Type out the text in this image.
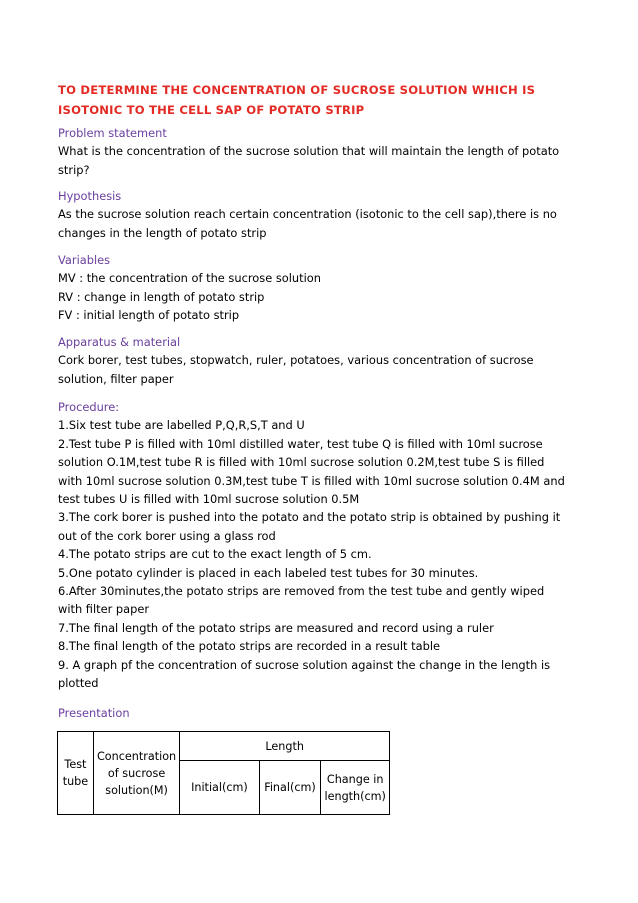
TO DETERMINE THE CONCENTRATION OF SUCROSE SOLUTION WHICH IS
ISOTONIC TO THE CELL SAP OF POTATO STRIP
Problem statement
What is the concentration of the sucrose solution that will maintain the length of potato
strip?
Hypothesis
As the sucrose solution reach certain concentration (isotonic to the cell sap),there is no
changes in the length of potato strip
Variables
MV : the concentration of the sucrose solution
RV : change in length of potato strip
FV : initial length of potato strip
Apparatus & material
Cork borer, test tubes, stopwatch, ruler, potatoes, various concentration of sucrose
solution, filter paper
Procedure:
1.Six test tube are labelled P,Q,R,S,T and U
2.Test tube P is filled with 10ml distilled water, test tube Q is filled with 10ml sucrose
solution O.1M,test tube R is filled with 10ml sucrose solution 0.2M,test tube S is filled
with 10ml sucrose solution 0.3M,test tube T is filled with 10ml sucrose solution 0.4M and
test tubes U is filled with 10ml sucrose solution 0.5M
3.The cork borer is pushed into the potato and the potato strip is obtained by pushing it
out of the cork borer using a glass rod
4.The potato strips are cut to the exact length of 5 cm.
5.One potato cylinder is placed in each labeled test tubes for 30 minutes.
6.After 30minutes,the potato strips are removed from the test tube and gently wiped
with filter paper
7.The final length of the potato strips are measured and record using a ruler
8.The final length of the potato strips are recorded in a result table
9. A graph pf the concentration of sucrose solution against the change in the length is
plotted
Presentation
Test
tube	Concentration
of sucrose
solution(M)	Length		
		Initial(cm)	Final(cm)	Change in
length(cm)
